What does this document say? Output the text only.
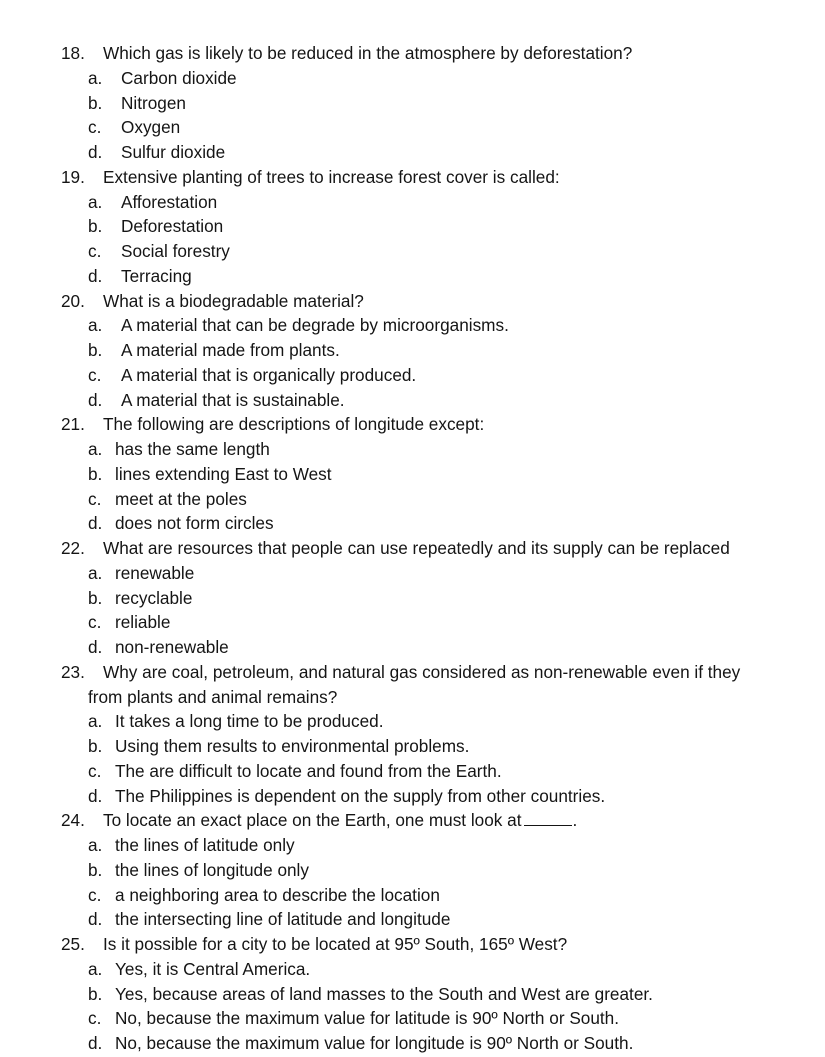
18. Which gas is likely to be reduced in the atmosphere by deforestation?
a. Carbon dioxide
b. Nitrogen
c. Oxygen
d. Sulfur dioxide
19. Extensive planting of trees to increase forest cover is called:
a. Afforestation
b. Deforestation
c. Social forestry
d. Terracing
20. What is a biodegradable material?
a. A material that can be degrade by microorganisms.
b. A material made from plants.
c. A material that is organically produced.
d. A material that is sustainable.
21. The following are descriptions of longitude except:
a. has the same length
b. lines extending East to West
c. meet at the poles
d. does not form circles
22. What are resources that people can use repeatedly and its supply can be replaced
a. renewable
b. recyclable
c. reliable
d. non-renewable
23. Why are coal, petroleum, and natural gas considered as non-renewable even if they
from plants and animal remains?
a. It takes a long time to be produced.
b. Using them results to environmental problems.
c. The are difficult to locate and found from the Earth.
d. The Philippines is dependent on the supply from other countries.
24. To locate an exact place on the Earth, one must look at	.
a. the lines of latitude only
b. the lines of longitude only
c. a neighboring area to describe the location
d. the intersecting line of latitude and longitude
25. Is it possible for a city to be located at 95º South, 165º West?
a. Yes, it is Central America.
b. Yes, because areas of land masses to the South and West are greater.
c. No, because the maximum value for latitude is 90º North or South.
d. No, because the maximum value for longitude is 90º North or South.
